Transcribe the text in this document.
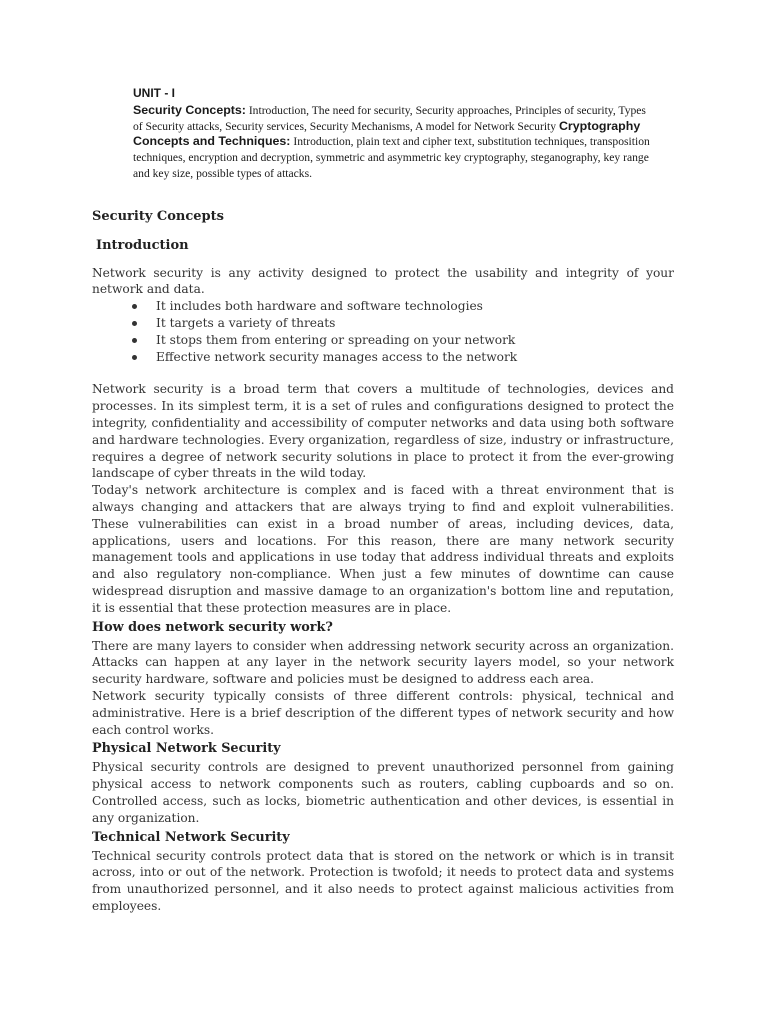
UNIT - I
Security Concepts: Introduction, The need for security, Security approaches, Principles of security, Types of Security attacks, Security services, Security Mechanisms, A model for Network Security Cryptography Concepts and Techniques: Introduction, plain text and cipher text, substitution techniques, transposition techniques, encryption and decryption, symmetric and asymmetric key cryptography, steganography, key range and key size, possible types of attacks.
Security Concepts
Introduction

Network security is any activity designed to protect the usability and integrity of your network and data.

It includes both hardware and software technologies
It targets a variety of threats
It stops them from entering or spreading on your network
Effective network security manages access to the network

Network security is a broad term that covers a multitude of technologies, devices and processes. In its simplest term, it is a set of rules and configurations designed to protect the integrity, confidentiality and accessibility of computer networks and data using both software and hardware technologies. Every organization, regardless of size, industry or infrastructure, requires a degree of network security solutions in place to protect it from the ever-growing landscape of cyber threats in the wild today.

Today's network architecture is complex and is faced with a threat environment that is always changing and attackers that are always trying to find and exploit vulnerabilities. These vulnerabilities can exist in a broad number of areas, including devices, data, applications, users and locations. For this reason, there are many network security management tools and applications in use today that address individual threats and exploits and also regulatory non-compliance. When just a few minutes of downtime can cause widespread disruption and massive damage to an organization's bottom line and reputation, it is essential that these protection measures are in place.

How does network security work?

There are many layers to consider when addressing network security across an organization. Attacks can happen at any layer in the network security layers model, so your network security hardware, software and policies must be designed to address each area.

Network security typically consists of three different controls: physical, technical and administrative. Here is a brief description of the different types of network security and how each control works.

Physical Network Security

Physical security controls are designed to prevent unauthorized personnel from gaining physical access to network components such as routers, cabling cupboards and so on. Controlled access, such as locks, biometric authentication and other devices, is essential in any organization.

Technical Network Security

Technical security controls protect data that is stored on the network or which is in transit across, into or out of the network. Protection is twofold; it needs to protect data and systems from unauthorized personnel, and it also needs to protect against malicious activities from employees.
